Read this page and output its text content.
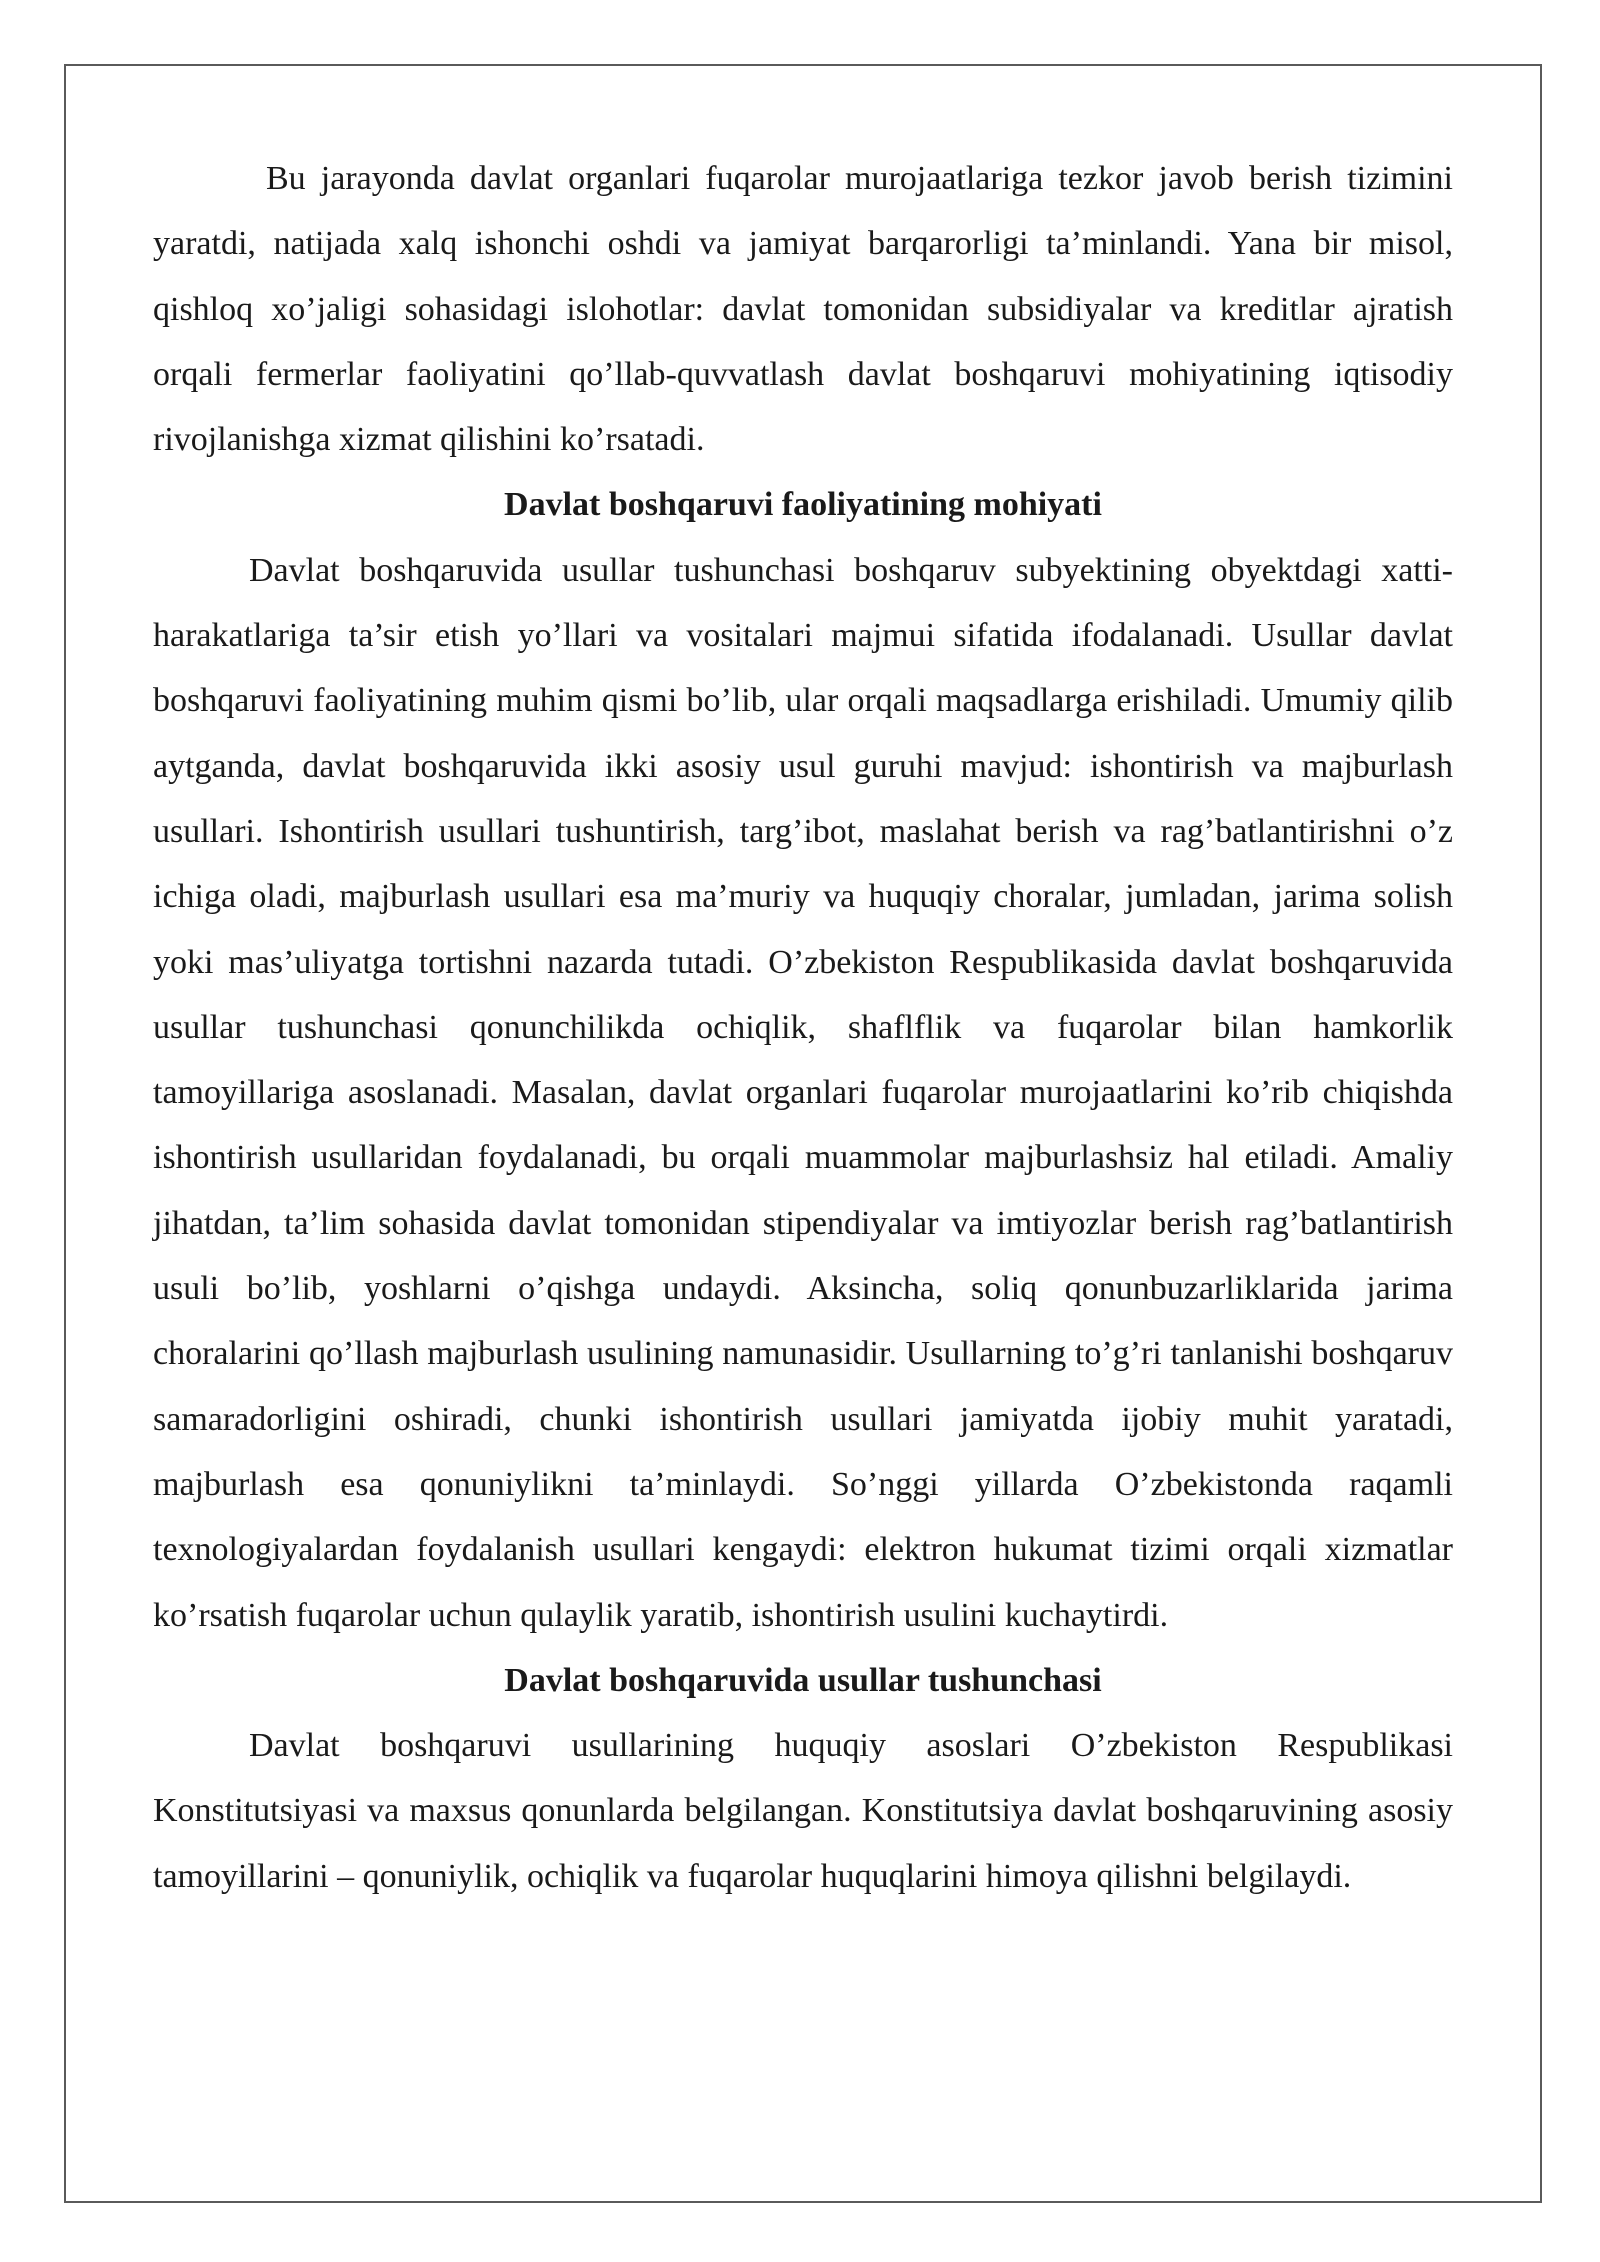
Bu jarayonda davlat organlari fuqarolar murojaatlariga tezkor javob berish tizimini yaratdi, natijada xalq ishonchi oshdi va jamiyat barqarorligi ta’minlandi. Yana bir misol, qishloq xo’jaligi sohasidagi islohotlar: davlat tomonidan subsidiyalar va kreditlar ajratish orqali fermerlar faoliyatini qo’llab-quvvatlash davlat boshqaruvi mohiyatining iqtisodiy rivojlanishga xizmat qilishini ko’rsatadi.

Davlat boshqaruvi faoliyatining mohiyati

Davlat boshqaruvida usullar tushunchasi boshqaruv subyektining obyektdagi xatti-harakatlariga ta’sir etish yo’llari va vositalari majmui sifatida ifodalanadi. Usullar davlat boshqaruvi faoliyatining muhim qismi bo’lib, ular orqali maqsadlarga erishiladi. Umumiy qilib aytganda, davlat boshqaruvida ikki asosiy usul guruhi mavjud: ishontirish va majburlash usullari. Ishontirish usullari tushuntirish, targ’ibot, maslahat berish va rag’batlantirishni o’z ichiga oladi, majburlash usullari esa ma’muriy va huquqiy choralar, jumladan, jarima solish yoki mas’uliyatga tortishni nazarda tutadi. O’zbekiston Respublikasida davlat boshqaruvida usullar tushunchasi qonunchilikda ochiqlik, shaflflik va fuqarolar bilan hamkorlik tamoyillariga asoslanadi. Masalan, davlat organlari fuqarolar murojaatlarini ko’rib chiqishda ishontirish usullaridan foydalanadi, bu orqali muammolar majburlashsiz hal etiladi. Amaliy jihatdan, ta’lim sohasida davlat tomonidan stipendiyalar va imtiyozlar berish rag’batlantirish usuli bo’lib, yoshlarni o’qishga undaydi. Aksincha, soliq qonunbuzarliklarida jarima choralarini qo’llash majburlash usulining namunasidir. Usullarning to’g’ri tanlanishi boshqaruv samaradorligini oshiradi, chunki ishontirish usullari jamiyatda ijobiy muhit yaratadi, majburlash esa qonuniylikni ta’minlaydi. So’nggi yillarda O’zbekistonda raqamli texnologiyalardan foydalanish usullari kengaydi: elektron hukumat tizimi orqali xizmatlar ko’rsatish fuqarolar uchun qulaylik yaratib, ishontirish usulini kuchaytirdi.

Davlat boshqaruvida usullar tushunchasi

Davlat boshqaruvi usullarining huquqiy asoslari O’zbekiston Respublikasi Konstitutsiyasi va maxsus qonunlarda belgilangan. Konstitutsiya davlat boshqaruvining asosiy tamoyillarini – qonuniylik, ochiqlik va fuqarolar huquqlarini himoya qilishni belgilaydi.
